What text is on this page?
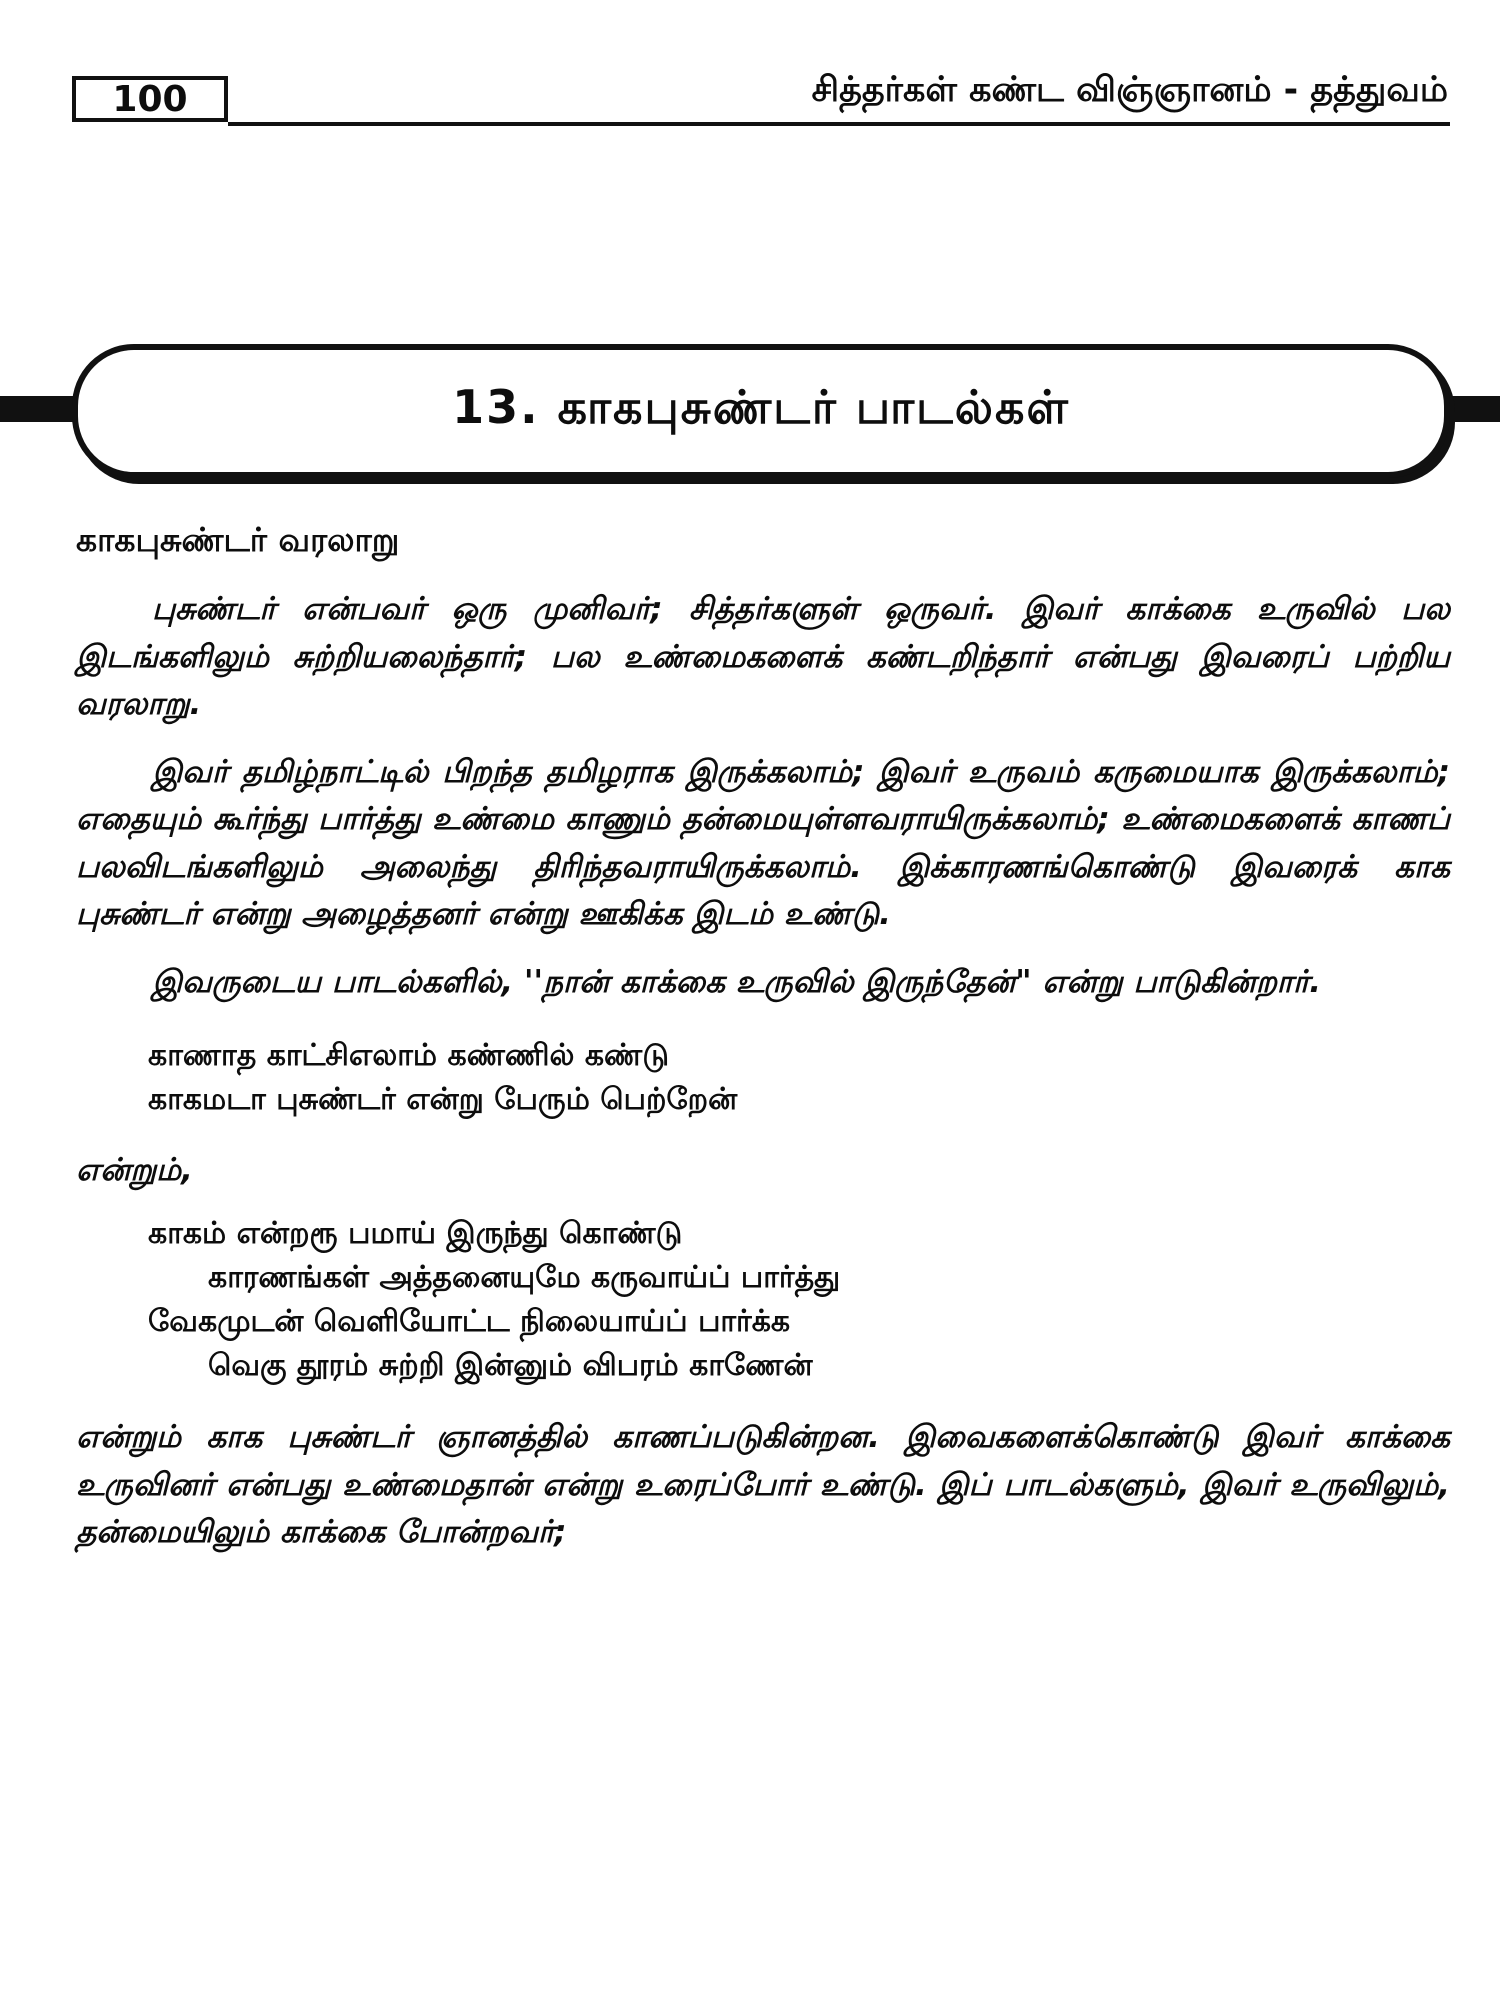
100	சித்தர்கள் கண்ட விஞ்ஞானம் - தத்துவம்
13. காகபுசுண்டர் பாடல்கள்
காகபுசுண்டர் வரலாறு

புசுண்டர் என்பவர் ஒரு முனிவர்; சித்தர்களுள் ஒருவர். இவர் காக்கை உருவில் பல இடங்களிலும் சுற்றியலைந்தார்; பல உண்மைகளைக் கண்டறிந்தார் என்பது இவரைப் பற்றிய வரலாறு.

இவர் தமிழ்நாட்டில் பிறந்த தமிழராக இருக்கலாம்; இவர் உருவம் கருமையாக இருக்கலாம்; எதையும் கூர்ந்து பார்த்து உண்மை காணும் தன்மையுள்ளவராயிருக்கலாம்; உண்மைகளைக் காணப் பலவிடங்களிலும் அலைந்து திரிந்தவராயிருக்கலாம். இக்காரணங்கொண்டு இவரைக் காக புசுண்டர் என்று அழைத்தனர் என்று ஊகிக்க இடம் உண்டு.

இவருடைய பாடல்களில், ''நான் காக்கை உருவில் இருந்தேன்" என்று பாடுகின்றார்.

காணாத காட்சிஎலாம் கண்ணில் கண்டு
காகமடா புசுண்டர் என்று பேரும் பெற்றேன்
என்றும்,
காகம் என்றரூ பமாய் இருந்து கொண்டு
காரணங்கள் அத்தனையுமே கருவாய்ப் பார்த்து
வேகமுடன் வெளியோட்ட நிலையாய்ப் பார்க்க
வெகு தூரம் சுற்றி இன்னும் விபரம் காணேன்

என்றும் காக புசுண்டர் ஞானத்தில் காணப்படுகின்றன. இவைகளைக்கொண்டு இவர் காக்கை உருவினர் என்பது உண்மைதான் என்று உரைப்போர் உண்டு. இப் பாடல்களும், இவர் உருவிலும், தன்மையிலும் காக்கை போன்றவர்;
